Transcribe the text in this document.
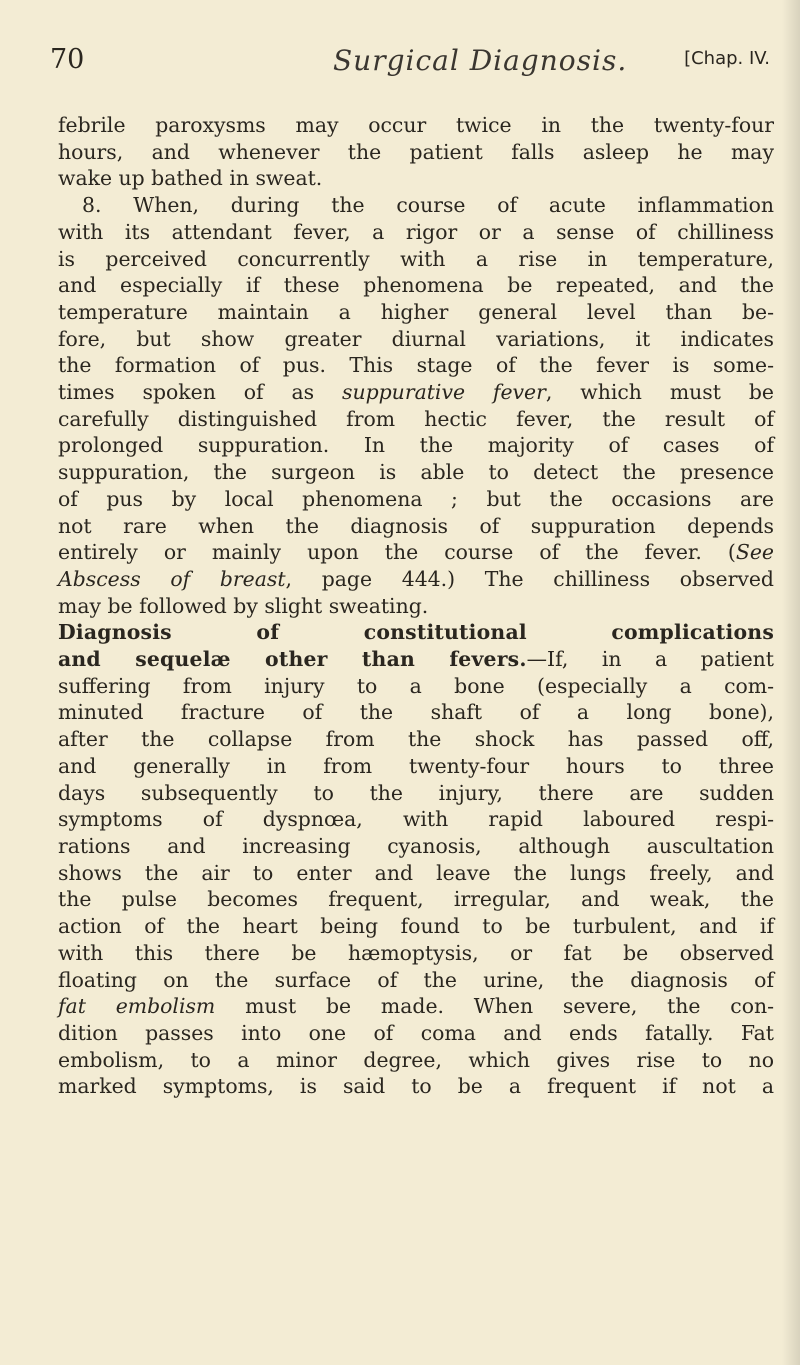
70	Surgical Diagnosis.	[Chap. IV.
febrile paroxysms may occur twice in the twenty-four
hours, and whenever the patient falls asleep he may
wake up bathed in sweat.
8. When, during the course of acute inflammation
with its attendant fever, a rigor or a sense of chilliness
is perceived concurrently with a rise in temperature,
and especially if these phenomena be repeated, and the
temperature maintain a higher general level than be-
fore, but show greater diurnal variations, it indicates
the formation of pus. This stage of the fever is some-
times spoken of as suppurative fever, which must be
carefully distinguished from hectic fever, the result of
prolonged suppuration. In the majority of cases of
suppuration, the surgeon is able to detect the presence
of pus by local phenomena ; but the occasions are
not rare when the diagnosis of suppuration depends
entirely or mainly upon the course of the fever. (See
Abscess of breast, page 444.) The chilliness observed
may be followed by slight sweating.
Diagnosis of constitutional complications
and sequelæ other than fevers.—If, in a patient
suffering from injury to a bone (especially a com-
minuted fracture of the shaft of a long bone),
after the collapse from the shock has passed off,
and generally in from twenty-four hours to three
days subsequently to the injury, there are sudden
symptoms of dyspnœa, with rapid laboured respi-
rations and increasing cyanosis, although auscultation
shows the air to enter and leave the lungs freely, and
the pulse becomes frequent, irregular, and weak, the
action of the heart being found to be turbulent, and if
with this there be hæmoptysis, or fat be observed
floating on the surface of the urine, the diagnosis of
fat embolism must be made. When severe, the con-
dition passes into one of coma and ends fatally. Fat
embolism, to a minor degree, which gives rise to no
marked symptoms, is said to be a frequent if not a
